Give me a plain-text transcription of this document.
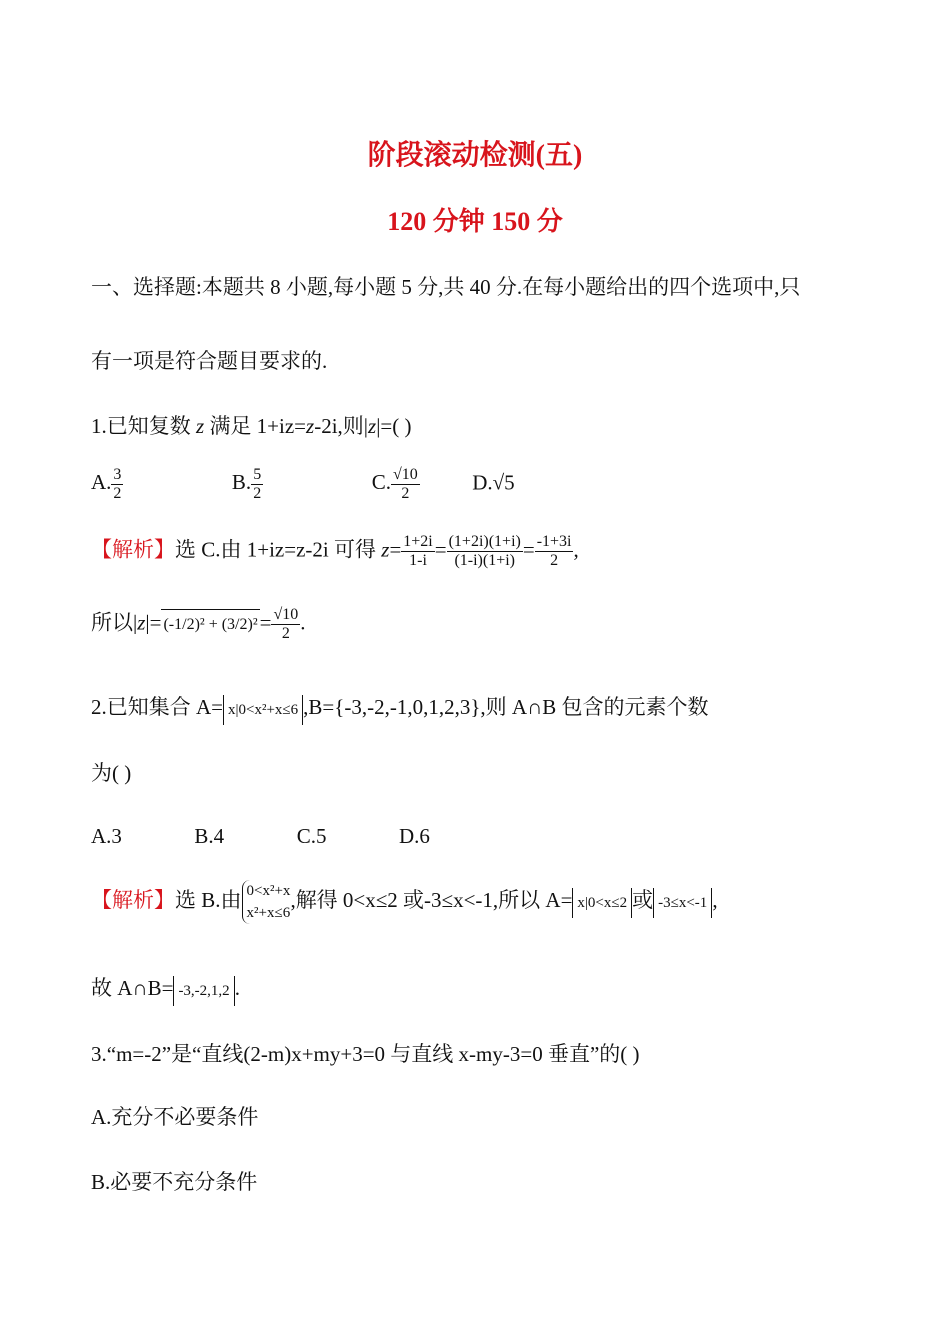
阶段滚动检测(五)
120 分钟 150 分
一、选择题:本题共 8 小题,每小题 5 分,共 40 分.在每小题给出的四个选项中,只
有一项是符合题目要求的.
1.已知复数 z 满足 1+iz=z-2i,则|z|=( )
A. $\frac{3}{2}$	B. $\frac{5}{2}$	C. $\frac{√10}{2}$	D.√5
【解析】选 C.由 1+iz=z-2i 可得 $z= \frac{1+2i}{1-i} = \frac{(1+2i)(1+i)}{(1-i)(1+i)} = \frac{-1+3i}{2}$ ,
所以$|z|= (-1/2)^2 + (3/2)^2= \frac{√10}{2}$ .
2.已知集合 A= x|0<x²+x≤6 ,B={-3,-2,-1,0,1,2,3},则 A∩B 包含的元素个数
为( )
A.3	B.4	C.5	D.6
【解析】选 B.由 0<x²+x
x²+x≤6
,解得 0<x≤2 或-3≤x<-1,所以 A= x|0<x≤2 或 -3≤x<-1 ,
故 A∩B= -3,-2,1,2 .
3.“m=-2”是“直线(2-m)x+my+3=0 与直线 x-my-3=0 垂直”的( )
A.充分不必要条件
B.必要不充分条件
